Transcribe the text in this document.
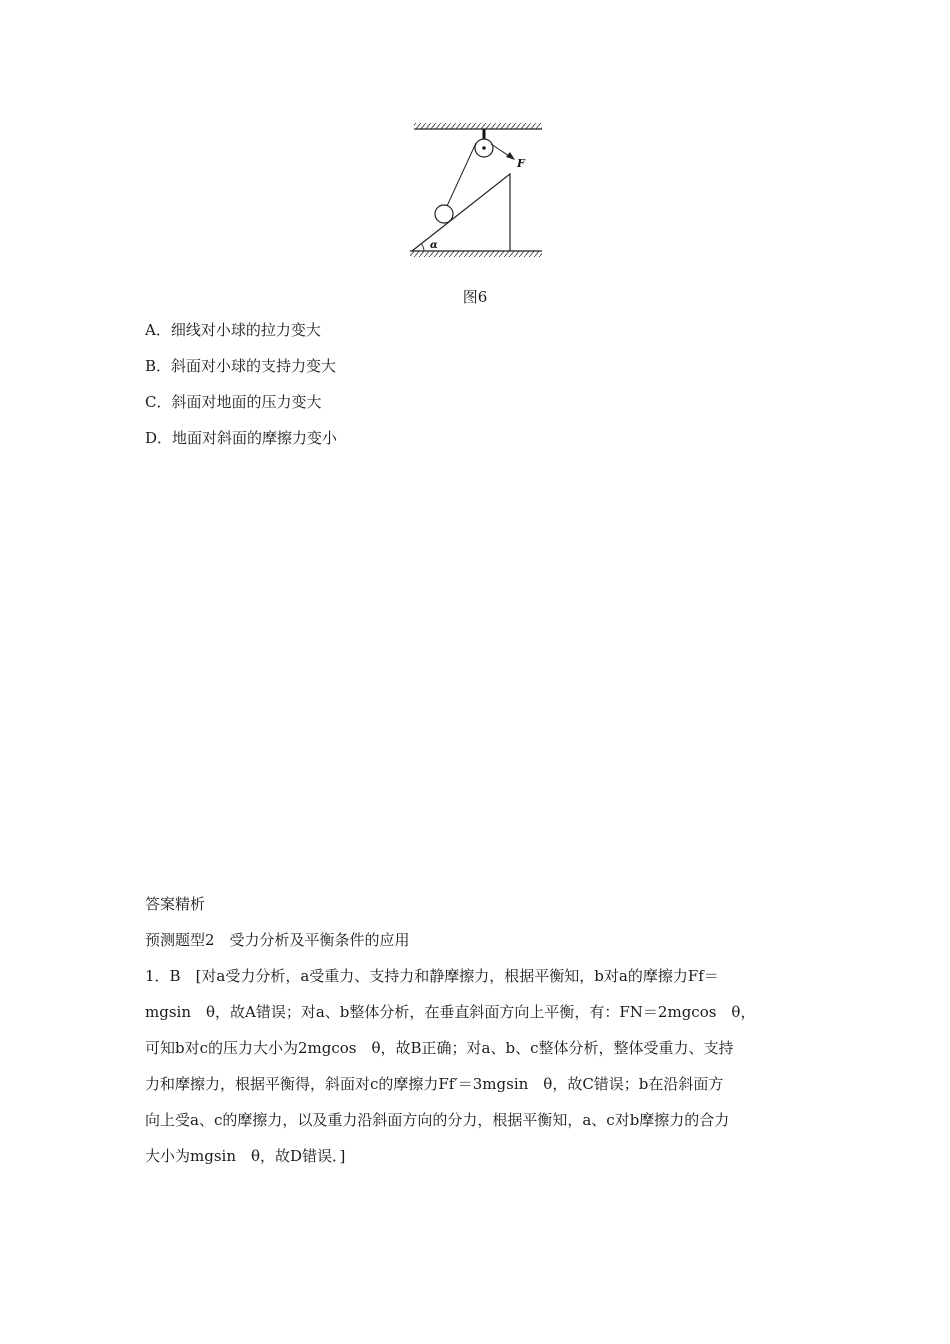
F
α
图6
A．细线对小球的拉力变大
B．斜面对小球的支持力变大
C．斜面对地面的压力变大
D．地面对斜面的摩擦力变小
答案精析
预测题型2　受力分析及平衡条件的应用
1．B　[对a受力分析，a受重力、支持力和静摩擦力，根据平衡知，b对a的摩擦力Ff＝
mgsin　θ，故A错误；对a、b整体分析，在垂直斜面方向上平衡，有：FN＝2mgcos　θ，
可知b对c的压力大小为2mgcos　θ，故B正确；对a、b、c整体分析，整体受重力、支持
力和摩擦力，根据平衡得，斜面对c的摩擦力Ff′＝3mgsin　θ，故C错误；b在沿斜面方
向上受a、c的摩擦力，以及重力沿斜面方向的分力，根据平衡知，a、c对b摩擦力的合力
大小为mgsin　θ，故D错误．]
